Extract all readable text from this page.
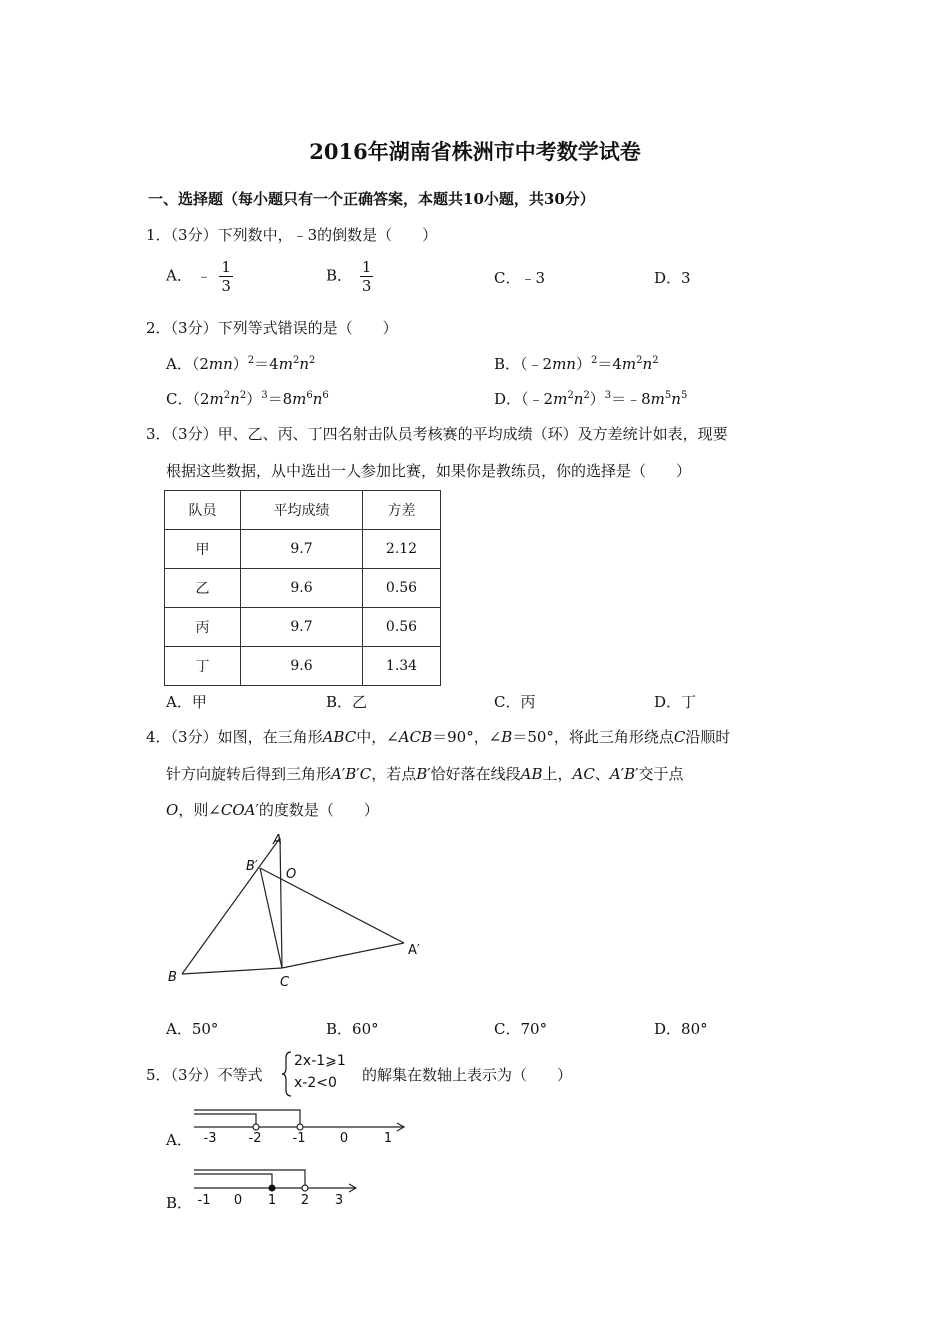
2016年湖南省株洲市中考数学试卷
一、选择题（每小题只有一个正确答案，本题共10小题，共30分）
1．（3分）下列数中，﹣3的倒数是（　　）
A． ﹣ $\frac{1}{3}$	B． $\frac{1}{3}$	C．﹣3	D．3
2．（3分）下列等式错误的是（　　）
A．$(2mn)^2=4m^2n^2$	B．$(﹣2mn)^2=4m^2n^2$
C．$(2m^2n^2)^3=8m^6n^6$	D．$(﹣2m^2n^2)^3=﹣8m^5n^5$
3．（3分）甲、乙、丙、丁四名射击队员考核赛的平均成绩（环）及方差统计如表，现要
根据这些数据，从中选出一人参加比赛，如果你是教练员，你的选择是（　　）
队员	平均成绩	方差
甲	9.7	2.12
乙	9.6	0.56
丙	9.7	0.56
丁	9.6	1.34
A．甲	B．乙	C．丙	D．丁
4．（3分）如图，在三角形ABC中，∠ACB＝90°，∠B＝50°，将此三角形绕点C沿顺时
针方向旋转后得到三角形A′B′C，若点B′恰好落在线段AB上，AC、A′B′交于点
O，则∠COA′的度数是（　　）
A
B′
O
A′
B	C
A．50°	B．60°	C．70°	D．80°
5．（3分）不等式
2x-1⩾1
x-2<0	的解集在数轴上表示为（　　）
A． -3 -2 -1	0	1
B． -1 0 1 2 3
